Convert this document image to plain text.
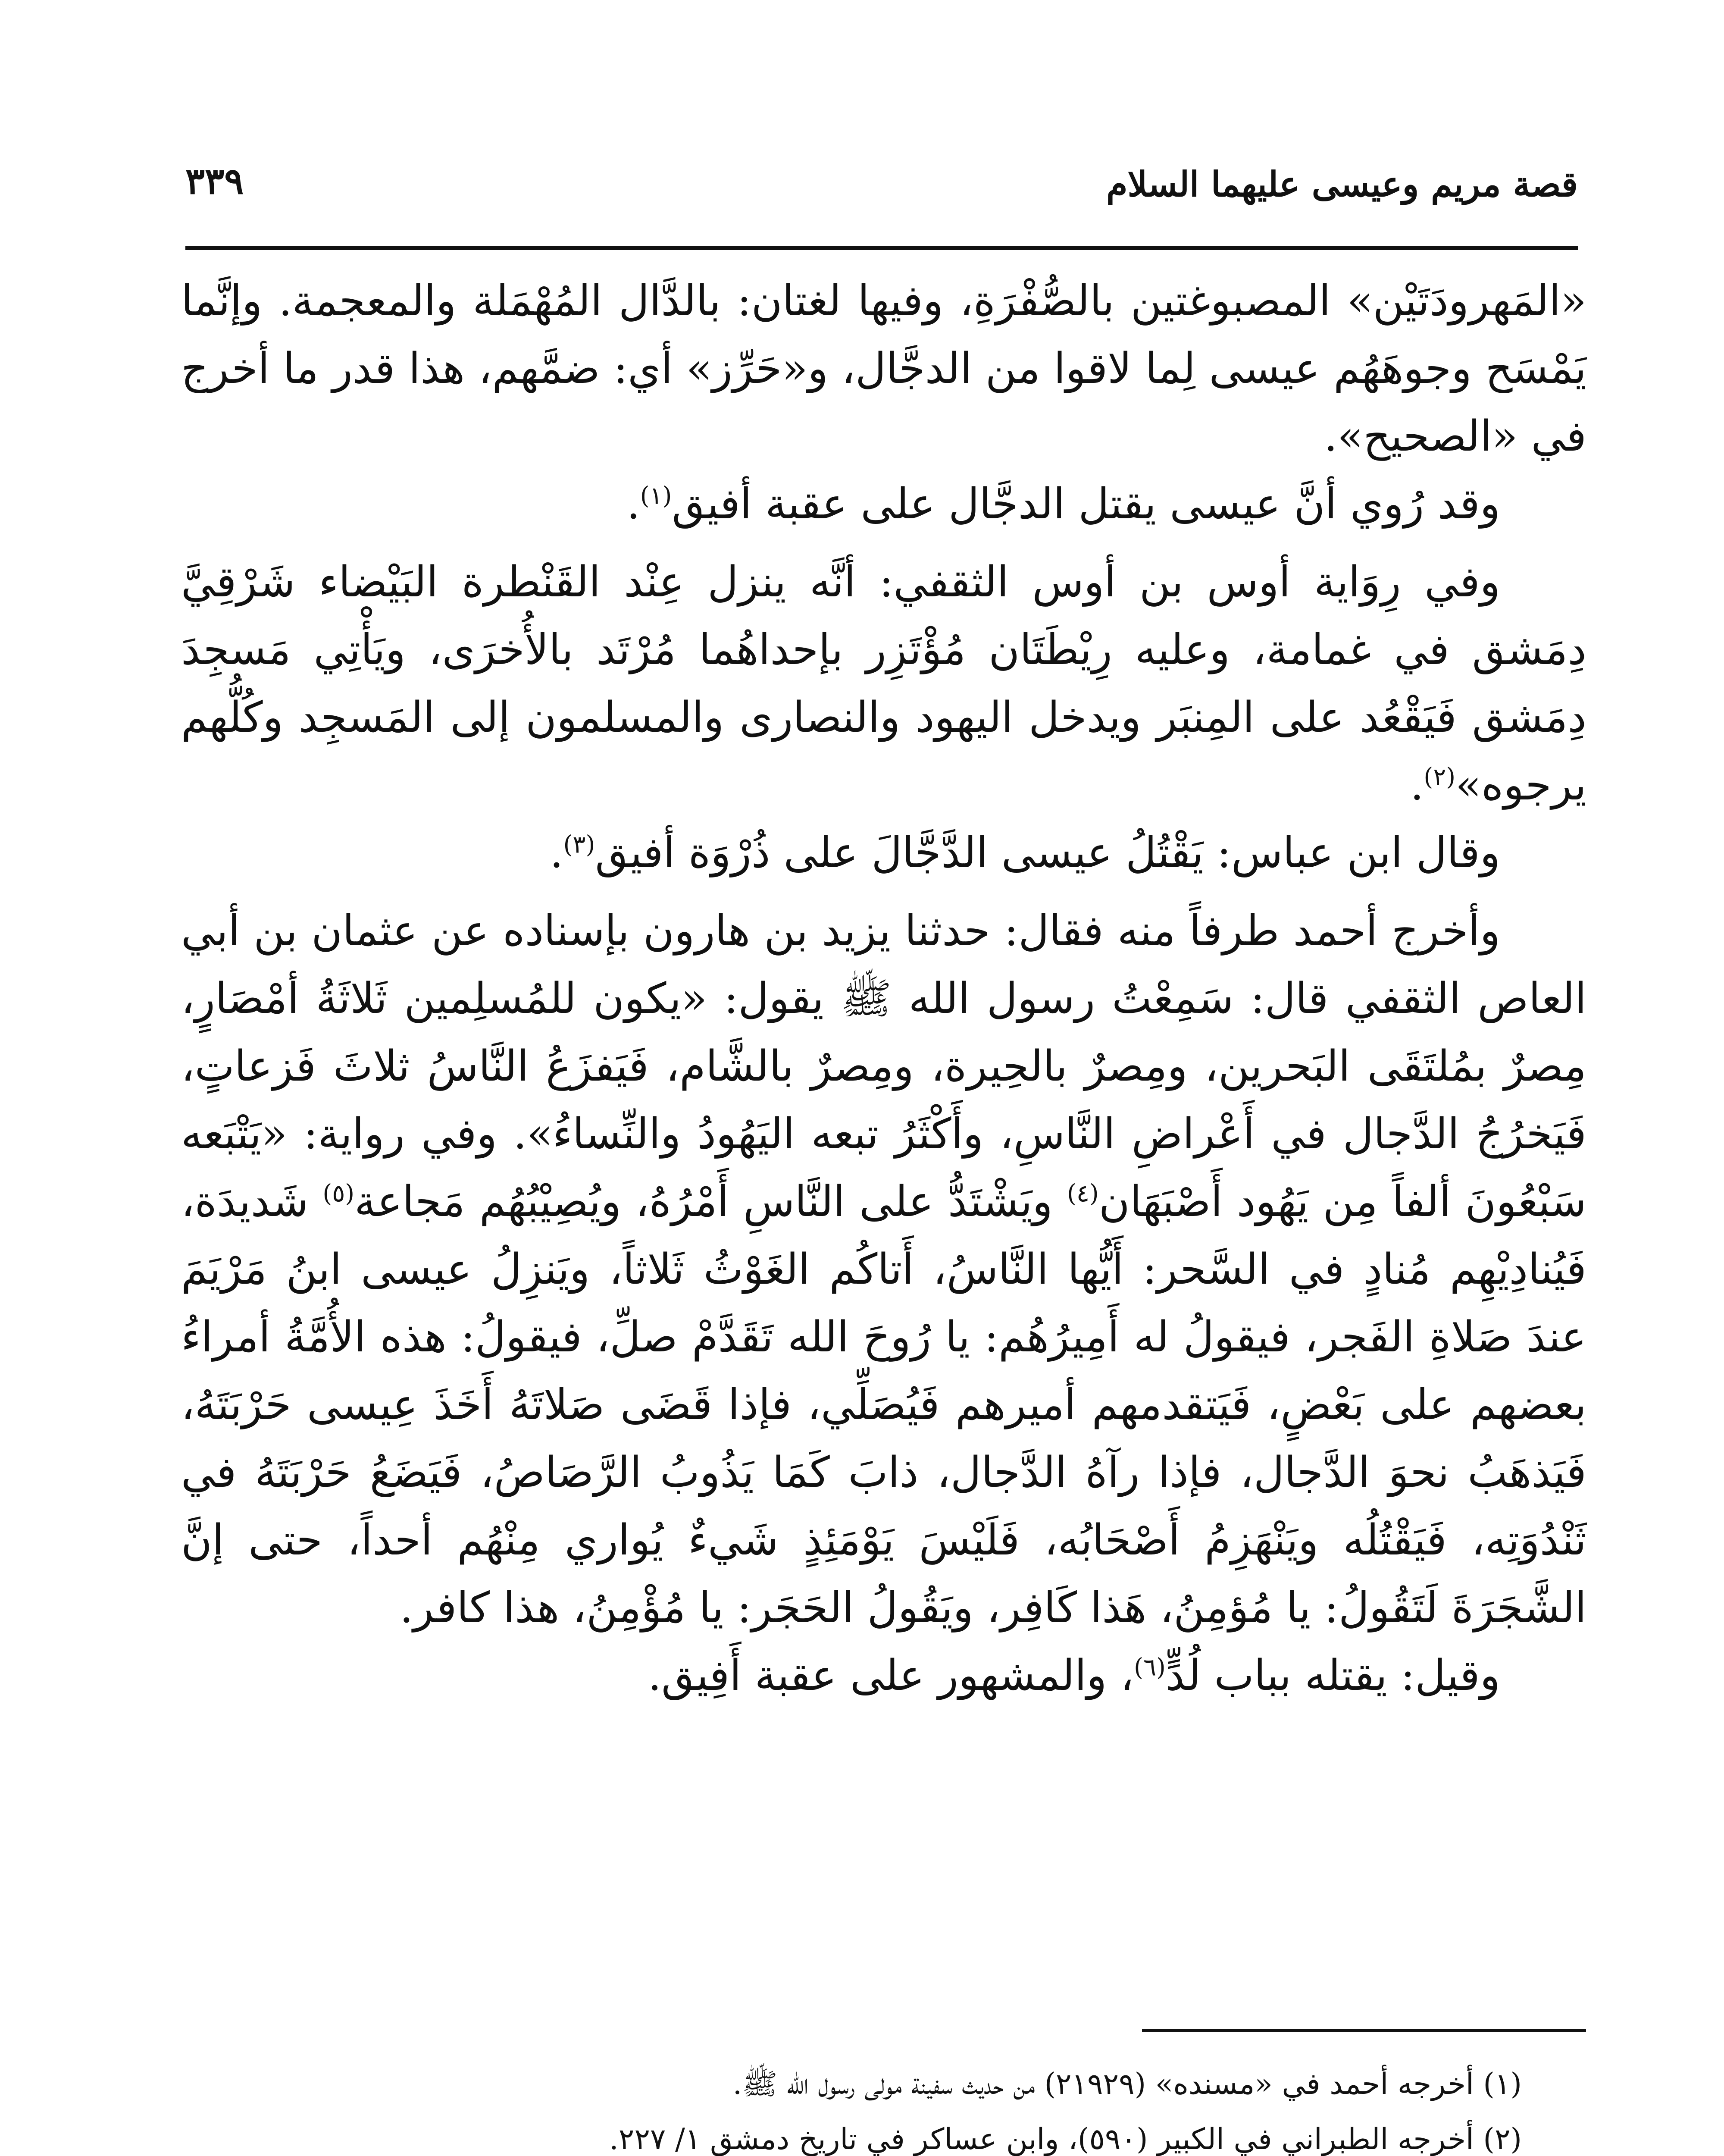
٣٣٩	قصة مريم وعيسى عليهما السلام

«المَهرودَتَيْن» المصبوغتين بالصُّفْرَةِ، وفيها لغتان: بالدَّال المُهْمَلة والمعجمة. وإنَّما يَمْسَح وجوهَهُم عيسى لِما لاقوا من الدجَّال، و«حَرِّز» أي: ضمَّهم، هذا قدر ما أخرج في «الصحيح».

وقد رُوي أنَّ عيسى يقتل الدجَّال على عقبة أفيق$^{(١)}$.

وفي رِوَاية أوس بن أوس الثقفي: أنَّه ينزل عِنْد القَنْطرة البَيْضاء شَرْقِيَّ دِمَشق في غمامة، وعليه رِيْطَتَان مُؤْتَزِر بإحداهُما مُرْتَد بالأُخرَى، ويَأْتِي مَسجِدَ دِمَشق فَيَقْعُد على المِنبَر ويدخل اليهود والنصارى والمسلمون إلى المَسجِد وكُلُّهم يرجوه»$^{(٢)}$.

وقال ابن عباس: يَقْتُلُ عيسى الدَّجَّالَ على ذُرْوَة أفيق$^{(٣)}$.

وأخرج أحمد طرفاً منه فقال: حدثنا يزيد بن هارون بإسناده عن عثمان بن أبي العاص الثقفي قال: سَمِعْتُ رسول الله ﷺ يقول: «يكون للمُسلِمين ثَلاثَةُ أمْصَارٍ، مِصرٌ بمُلتَقَى البَحرين، ومِصرٌ بالحِيرة، ومِصرٌ بالشَّام، فَيَفزَعُ النَّاسُ ثلاثَ فَزعاتٍ، فَيَخرُجُ الدَّجال في أَعْراضِ النَّاسِ، وأَكْثَرُ تبعه اليَهُودُ والنِّساءُ». وفي رواية: «يَتْبَعه سَبْعُونَ ألفاً مِن يَهُود أَصْبَهَان$^{(٤)}$ ويَشْتَدُّ على النَّاسِ أَمْرُهُ، ويُصِيْبُهُم مَجاعة$^{(٥)}$ شَديدَة، فَيُنادِيْهِم مُنادٍ في السَّحر: أَيُّها النَّاسُ، أَتاكُم الغَوْثُ ثَلاثاً، ويَنزِلُ عيسى ابنُ مَرْيَمَ عندَ صَلاةِ الفَجر، فيقولُ له أَمِيرُهُم: يا رُوحَ الله تَقَدَّمْ صلِّ، فيقولُ: هذه الأُمَّةُ أمراءُ بعضهم على بَعْضٍ، فَيَتقدمهم أميرهم فَيُصَلِّي، فإذا قَضَى صَلاتَهُ أَخَذَ عِيسى حَرْبَتَهُ، فَيَذهَبُ نحوَ الدَّجال، فإذا رآهُ الدَّجال، ذابَ كَمَا يَذُوبُ الرَّصَاصُ، فَيَضَعُ حَرْبَتَهُ في ثَنْدُوَتِه، فَيَقْتُلُه ويَنْهَزِمُ أَصْحَابُه، فَلَيْسَ يَوْمَئِذٍ شَيءٌ يُواري مِنْهُم أحداً، حتى إنَّ الشَّجَرَةَ لَتَقُولُ: يا مُؤمِنُ، هَذا كَافِر، ويَقُولُ الحَجَر: يا مُؤْمِنُ، هذا كافر.

وقيل: يقتله بباب لُدٍّ$^{(٦)}$، والمشهور على عقبة أَفِيق.

(١) أخرجه أحمد في «مسنده» (٢١٩٢٩) من حديث سفينة مولى رسول الله ﷺ.

(٢) أخرجه الطبراني في الكبير (٥٩٠)، وابن عساكر في تاريخ دمشق ١/ ٢٢٧.
